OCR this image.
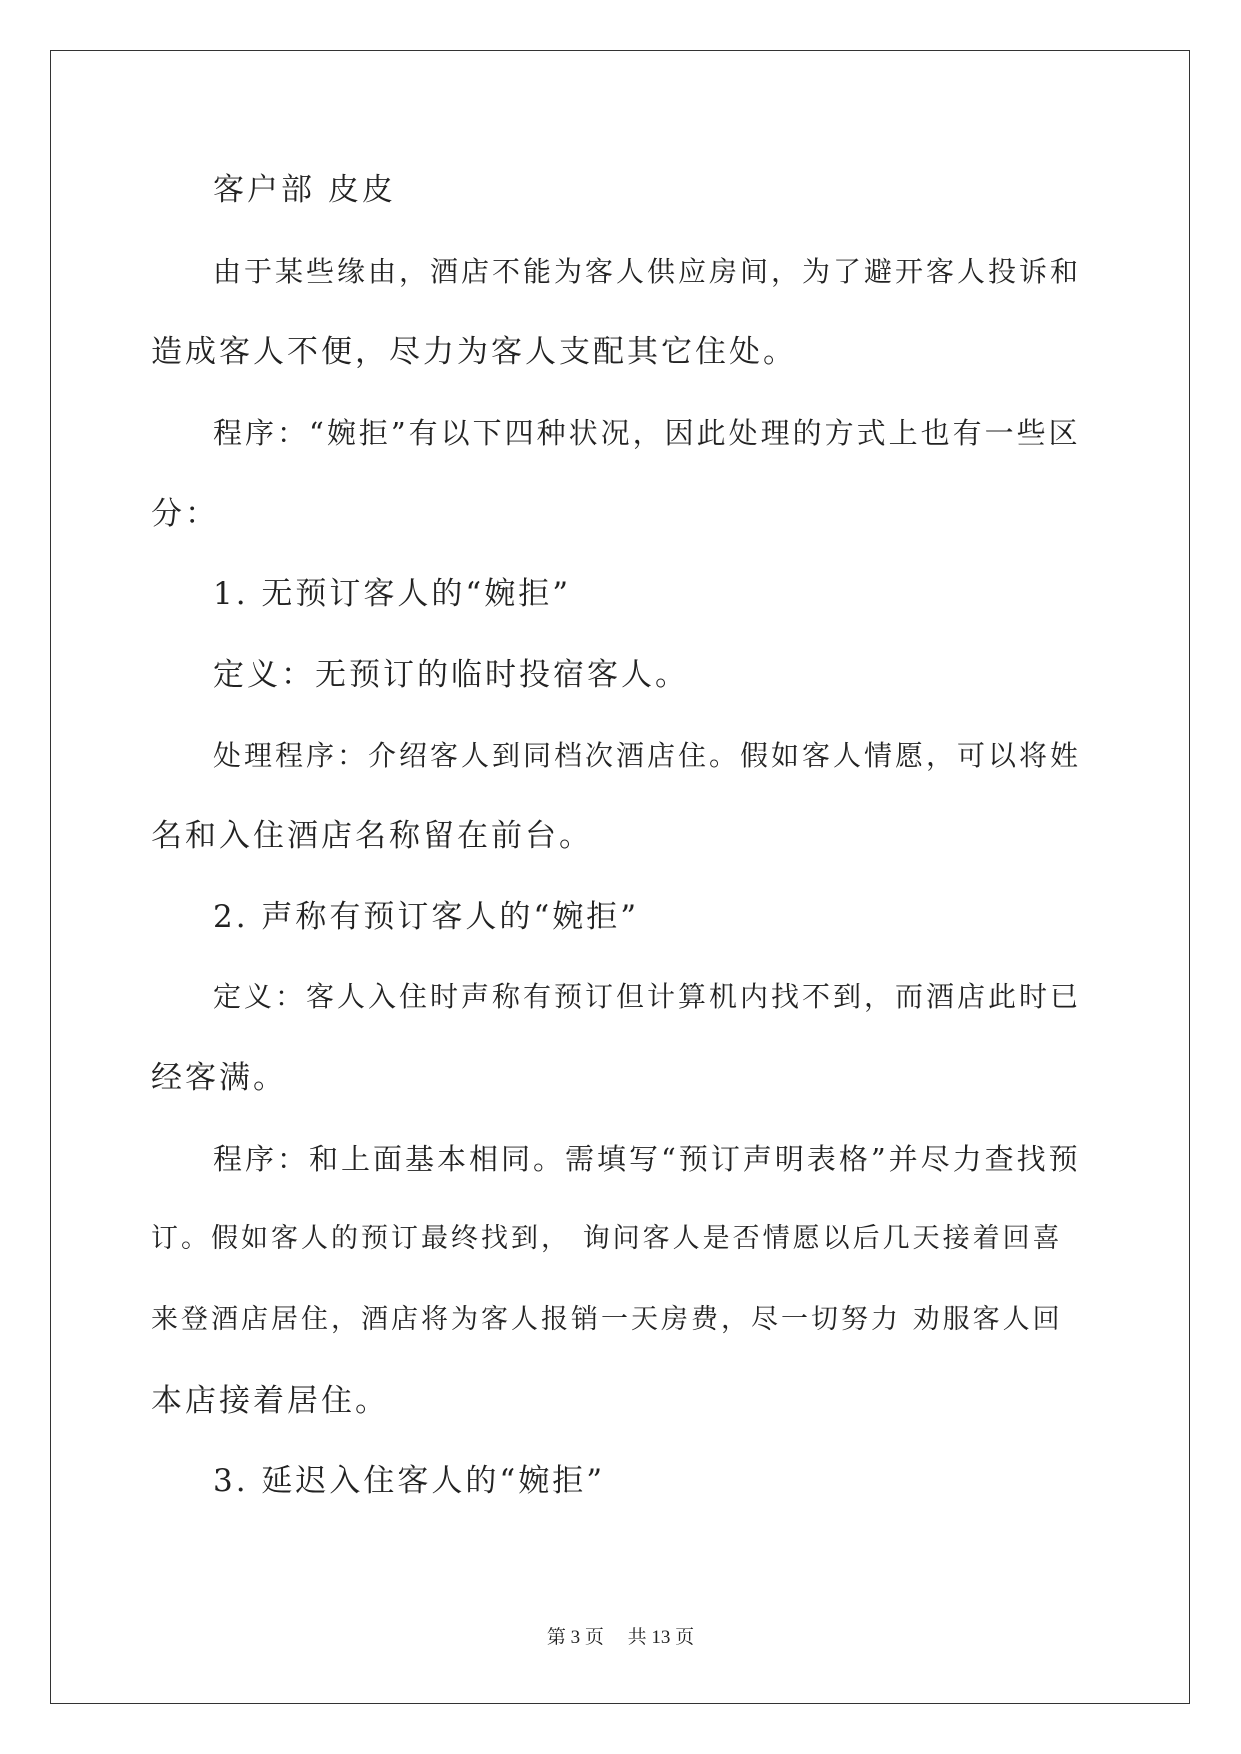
客户部 皮皮
由于某些缘由，酒店不能为客人供应房间，为了避开客人投诉和
造成客人不便，尽力为客人支配其它住处。
程序：“婉拒”有以下四种状况，因此处理的方式上也有一些区
分：
1. 无预订客人的“婉拒”
定义：无预订的临时投宿客人。
处理程序：介绍客人到同档次酒店住。假如客人情愿，可以将姓
名和入住酒店名称留在前台。
2. 声称有预订客人的“婉拒”
定义：客人入住时声称有预订但计算机内找不到，而酒店此时已
经客满。
程序：和上面基本相同。需填写“预订声明表格”并尽力查找预
订。假如客人的预订最终找到， 询问客人是否情愿以后几天接着回喜
来登酒店居住，酒店将为客人报销一天房费，尽一切努力 劝服客人回
本店接着居住。
3. 延迟入住客人的“婉拒”
第 3 页　 共 13 页
